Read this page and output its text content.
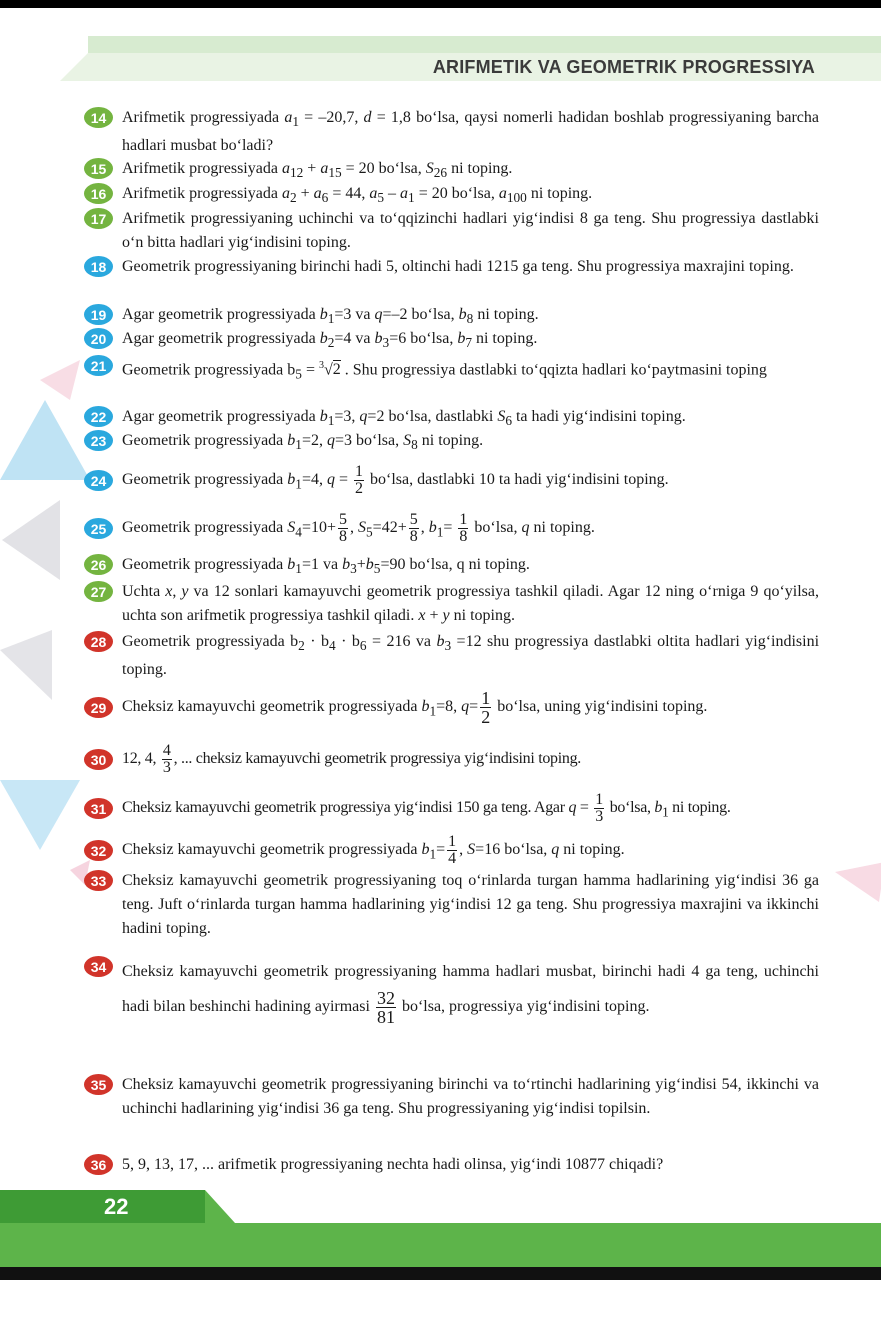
ARIFMETIK VA GEOMETRIK PROGRESSIYA
14 Arifmetik progressiyada $a_1 = -20,7$, d = 1,8 bo‘lsa, qaysi nomerli hadidan boshlab progressiyaning barcha hadlari musbat bo‘ladi?
15 Arifmetik progressiyada $a_{12} + a_{15} = 20$ bo‘lsa, $S_{26}$ ni toping.
16 Arifmetik progressiyada $a_2 + a_6 = 44$, $a_5 - a_1 = 20$ bo‘lsa, $a_{100}$ ni toping.
17 Arifmetik progressiyaning uchinchi va to‘qqizinchi hadlari yig‘indisi 8 ga teng. Shu progressiya dastlabki o‘n bitta hadlari yig‘indisini toping.
18 Geometrik progressiyaning birinchi hadi 5, oltinchi hadi 1215 ga teng. Shu progressiya maxrajini toping.
19 Agar geometrik progressiyada $b_1=3$ va q=–2 bo‘lsa, $b_8$ ni toping.
20 Agar geometrik progressiyada $b_2=4$ va $b_3=6$ bo‘lsa, $b_7$ ni toping.
21 Geometrik progressiyada $b_5 = ^3√2$ . Shu progressiya dastlabki to‘qqizta hadlari ko‘paytmasini toping
22 Agar geometrik progressiyada $b_1=3$, q=2 bo‘lsa, dastlabki $S_6$ ta hadi yig‘indisini toping.
23 Geometrik progressiyada $b_1=2$, q=3 bo‘lsa, $S_8$ ni toping.
24 Geometrik progressiyada $b_1=4$, $q = \frac{1}{2}$ bo‘lsa, dastlabki 10 ta hadi yig‘indisini toping.
25 Geometrik progressiyada $S_4=10+ \frac{5}{8}$ , $S_5=42+ \frac{5}{8}$ , $b_1= \frac{1}{8}$ bo‘lsa, q ni toping.
26 Geometrik progressiyada $b_1=1$ va $b_3+b_5=90$ bo‘lsa, q ni toping.
27 Uchta x, y va 12 sonlari kamayuvchi geometrik progressiya tashkil qiladi. Agar 12 ning o‘rniga 9 qo‘yilsa, uchta son arifmetik progressiya tashkil qiladi. x + y ni toping.
28 Geometrik progressiyada $b_2 \cdot b_4 \cdot b_6 = 216$ va $b_3 =12$ shu progressiya dastlabki oltita hadlari yig‘indisini toping.
29 Cheksiz kamayuvchi geometrik progressiyada $b_1=8$, $q= \frac{1}{2}$ bo‘lsa, uning yig‘indisini toping.
30 12, 4, $\frac{4}{3}$ , ... cheksiz kamayuvchi geometrik progressiya yig‘indisini toping.
31 Cheksiz kamayuvchi geometrik progressiya yig‘indisi 150 ga teng. Agar $q = \frac{1}{3}$ bo‘lsa, $b_1$ ni toping.
32 Cheksiz kamayuvchi geometrik progressiyada $b_1= \frac{1}{4}$ , S=16 bo‘lsa, q ni toping.
33 Cheksiz kamayuvchi geometrik progressiyaning toq o‘rinlarda turgan hamma hadlarining yig‘indisi 36 ga teng. Juft o‘rinlarda turgan hamma hadlarining yig‘indisi 12 ga teng. Shu progressiya maxrajini va ikkinchi hadini toping.
34 Cheksiz kamayuvchi geometrik progressiyaning hamma hadlari musbat, birinchi hadi 4 ga teng, uchinchi hadi bilan beshinchi hadining ayirmasi $\frac{32}{81}$ bo‘lsa, progressiya yig‘indisini toping.
35 Cheksiz kamayuvchi geometrik progressiyaning birinchi va to‘rtinchi hadlarining yig‘indisi 54, ikkinchi va uchinchi hadlarining yig‘indisi 36 ga teng. Shu progressiyaning yig‘indisi topilsin.
36 5, 9, 13, 17, ... arifmetik progressiyaning nechta hadi olinsa, yig‘indi 10877 chiqadi?
22
